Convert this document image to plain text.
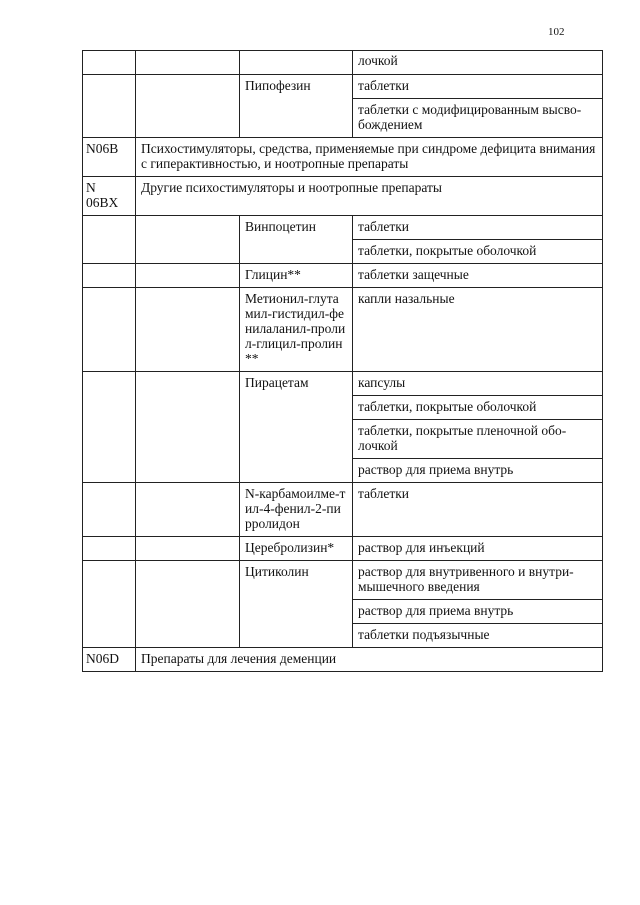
102
			лочкой
		Пипофезин	таблетки
			таблетки с модифицированным высво-бождением
N06B	Психостимуляторы, средства, применяемые при синдроме дефицита внимания с гиперактивностью, и ноотропные препараты		
N 06BX	Другие психостимуляторы и ноотропные препараты		
		Винпоцетин	таблетки
			таблетки, покрытые оболочкой
		Глицин**	таблетки защечные
		Метионил-глутамил-гистидил-фенилаланил-пролил-глицил-пролин**	капли назальные
		Пирацетам	капсулы
			таблетки, покрытые оболочкой
			таблетки, покрытые пленочной обо-лочкой
			раствор для приема внутрь
		N-карбамоилме-тил-4-фенил-2-пирролидон	таблетки
		Церебролизин*	раствор для инъекций
		Цитиколин	раствор для внутривенного и внутри-мышечного введения
			раствор для приема внутрь
			таблетки подъязычные
N06D	Препараты для лечения деменции		
